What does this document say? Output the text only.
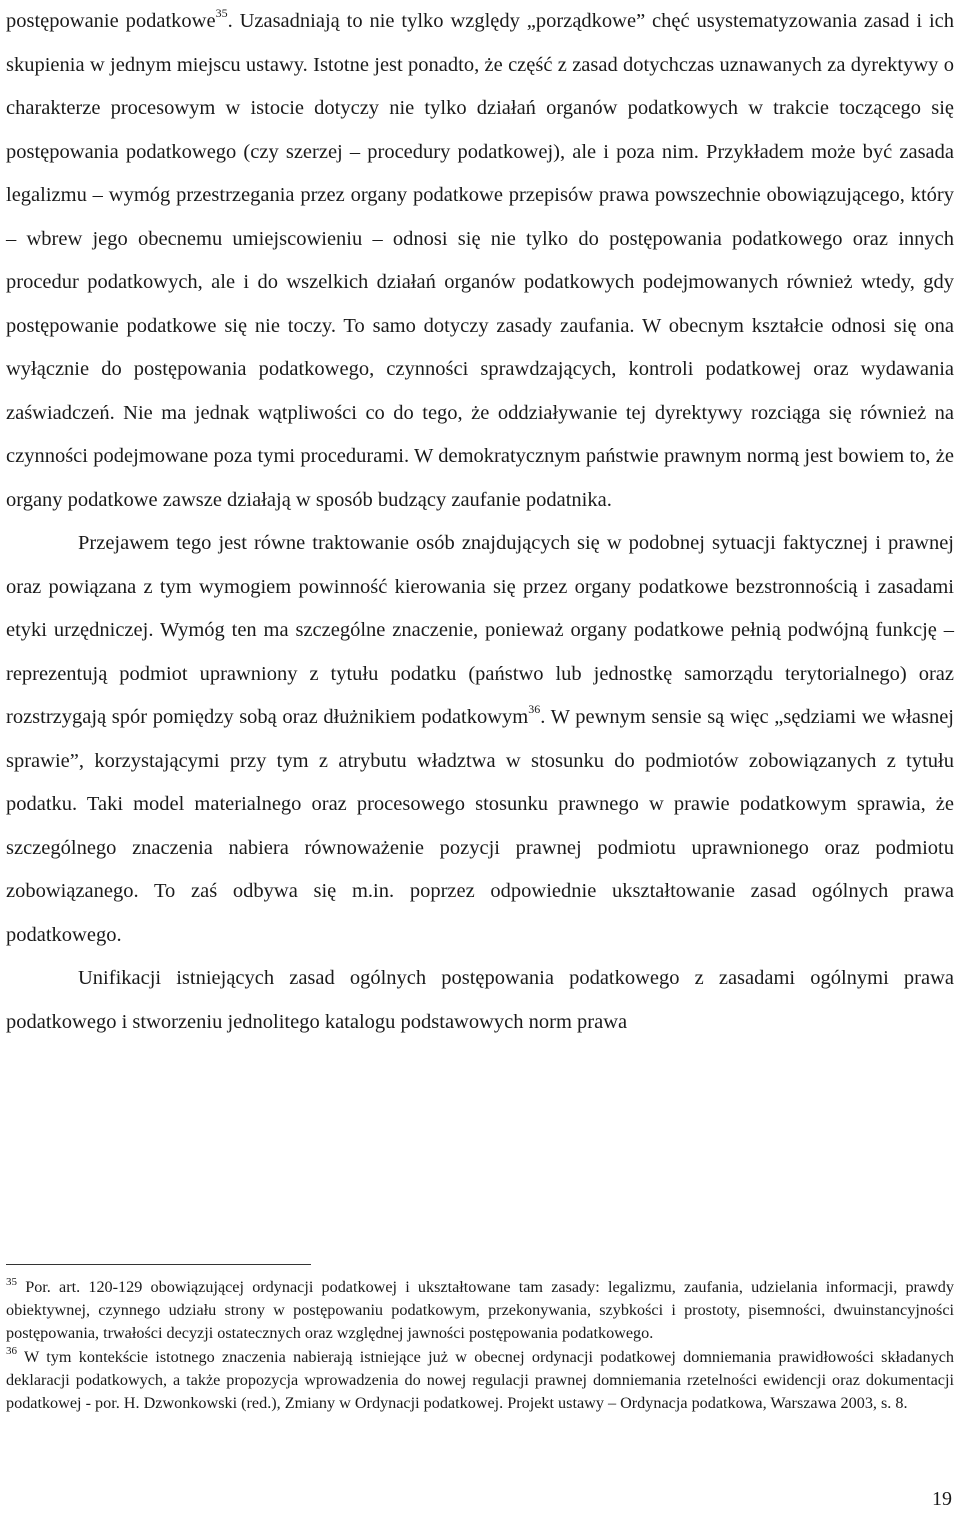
postępowanie podatkowe$^{35}$. Uzasadniają to nie tylko względy „porządkowe” chęć usystematyzowania zasad i ich skupienia w jednym miejscu ustawy. Istotne jest ponadto, że część z zasad dotychczas uznawanych za dyrektywy o charakterze procesowym w istocie dotyczy nie tylko działań organów podatkowych w trakcie toczącego się postępowania podatkowego (czy szerzej – procedury podatkowej), ale i poza nim. Przykładem może być zasada legalizmu – wymóg przestrzegania przez organy podatkowe przepisów prawa powszechnie obowiązującego, który – wbrew jego obecnemu umiejscowieniu – odnosi się nie tylko do postępowania podatkowego oraz innych procedur podatkowych, ale i do wszelkich działań organów podatkowych podejmowanych również wtedy, gdy postępowanie podatkowe się nie toczy. To samo dotyczy zasady zaufania. W obecnym kształcie odnosi się ona wyłącznie do postępowania podatkowego, czynności sprawdzających, kontroli podatkowej oraz wydawania zaświadczeń. Nie ma jednak wątpliwości co do tego, że oddziaływanie tej dyrektywy rozciąga się również na czynności podejmowane poza tymi procedurami. W demokratycznym państwie prawnym normą jest bowiem to, że organy podatkowe zawsze działają w sposób budzący zaufanie podatnika.

Przejawem tego jest równe traktowanie osób znajdujących się w podobnej sytuacji faktycznej i prawnej oraz powiązana z tym wymogiem powinność kierowania się przez organy podatkowe bezstronnością i zasadami etyki urzędniczej. Wymóg ten ma szczególne znaczenie, ponieważ organy podatkowe pełnią podwójną funkcję – reprezentują podmiot uprawniony z tytułu podatku (państwo lub jednostkę samorządu terytorialnego) oraz rozstrzygają spór pomiędzy sobą oraz dłużnikiem podatkowym$^{36}$. W pewnym sensie są więc „sędziami we własnej sprawie”, korzystającymi przy tym z atrybutu władztwa w stosunku do podmiotów zobowiązanych z tytułu podatku. Taki model materialnego oraz procesowego stosunku prawnego w prawie podatkowym sprawia, że szczególnego znaczenia nabiera równoważenie pozycji prawnej podmiotu uprawnionego oraz podmiotu zobowiązanego. To zaś odbywa się m.in. poprzez odpowiednie ukształtowanie zasad ogólnych prawa podatkowego.

Unifikacji istniejących zasad ogólnych postępowania podatkowego z zasadami ogólnymi prawa podatkowego i stworzeniu jednolitego katalogu podstawowych norm prawa

$^{35}$ Por. art. 120-129 obowiązującej ordynacji podatkowej i ukształtowane tam zasady: legalizmu, zaufania, udzielania informacji, prawdy obiektywnej, czynnego udziału strony w postępowaniu podatkowym, przekonywania, szybkości i prostoty, pisemności, dwuinstancyjności postępowania, trwałości decyzji ostatecznych oraz względnej jawności postępowania podatkowego.

$^{36}$ W tym kontekście istotnego znaczenia nabierają istniejące już w obecnej ordynacji podatkowej domniemania prawidłowości składanych deklaracji podatkowych, a także propozycja wprowadzenia do nowej regulacji prawnej domniemania rzetelności ewidencji oraz dokumentacji podatkowej - por. H. Dzwonkowski (red.), Zmiany w Ordynacji podatkowej. Projekt ustawy – Ordynacja podatkowa, Warszawa 2003, s. 8.

19
